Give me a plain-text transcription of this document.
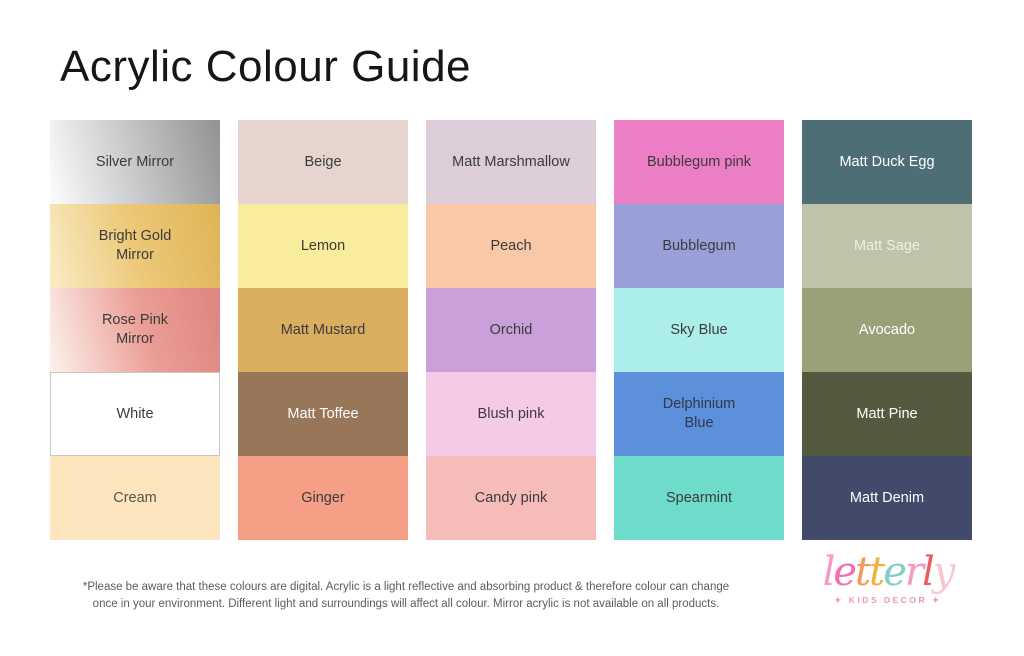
Acrylic Colour Guide
Silver Mirror
Bright Gold Mirror
Rose Pink Mirror
White
Cream
Beige
Lemon
Matt Mustard
Matt Toffee
Ginger
Matt Marshmallow
Peach
Orchid
Blush pink
Candy pink
Bubblegum pink
Bubblegum
Sky Blue
Delphinium Blue
Spearmint
Matt Duck Egg
Matt Sage
Avocado
Matt Pine
Matt Denim
*Please be aware that these colours are digital. Acrylic is a light reflective and absorbing product & therefore colour can change
once in your environment. Different light and surroundings will affect all colour. Mirror acrylic is not available on all products.
letterly
✦ KIDS DECOR ✦
